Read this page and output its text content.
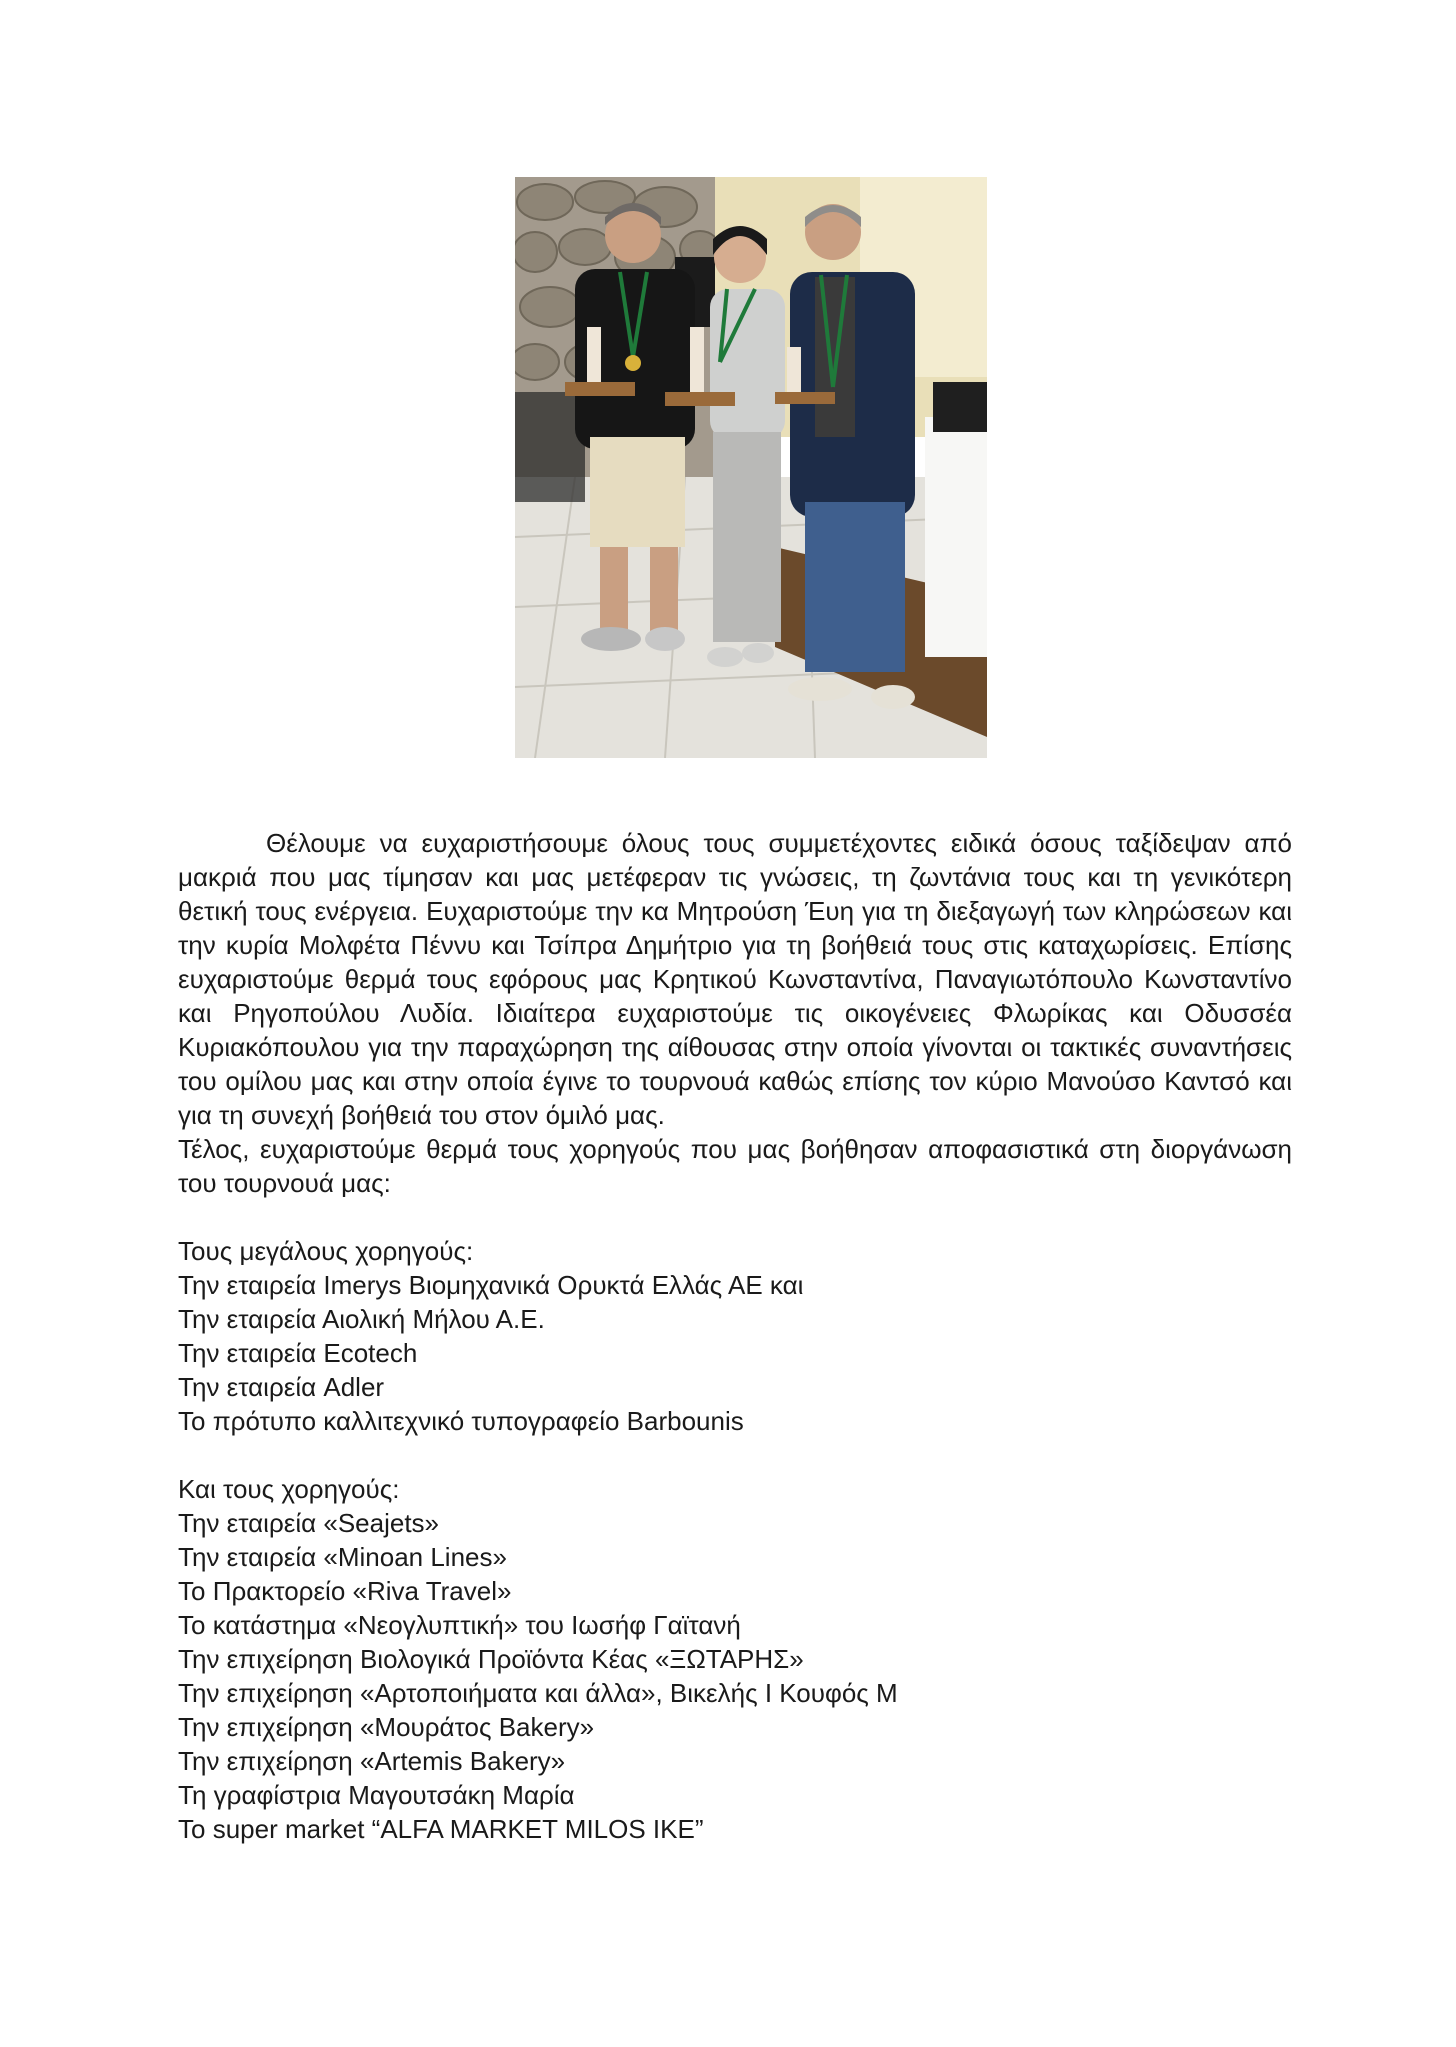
Θέλουμε να ευχαριστήσουμε όλους τους συμμετέχοντες ειδικά όσους ταξίδεψαν από μακριά που μας τίμησαν και μας μετέφεραν τις γνώσεις, τη ζωντάνια τους και τη γενικότερη θετική τους ενέργεια. Ευχαριστούμε την κα Μητρούση Έυη για τη διεξαγωγή των κληρώσεων και την κυρία Μολφέτα Πέννυ και Τσίπρα Δημήτριο για τη βοήθειά τους στις καταχωρίσεις. Επίσης ευχαριστούμε θερμά τους εφόρους μας Κρητικού Κωνσταντίνα, Παναγιωτόπουλο Κωνσταντίνο και Ρηγοπούλου Λυδία. Ιδιαίτερα ευχαριστούμε τις οικογένειες Φλωρίκας και Οδυσσέα Κυριακόπουλου για την παραχώρηση της αίθουσας στην οποία γίνονται οι τακτικές συναντήσεις του ομίλου μας και στην οποία έγινε το τουρνουά καθώς επίσης τον κύριο Μανούσο Καντσό και για τη συνεχή βοήθειά του στον όμιλό μας.

Τέλος, ευχαριστούμε θερμά τους χορηγούς που μας βοήθησαν αποφασιστικά στη διοργάνωση του τουρνουά μας:

Τους μεγάλους χορηγούς:

Την εταιρεία Imerys Βιομηχανικά Ορυκτά Ελλάς ΑΕ και

Την εταιρεία Αιολική Μήλου Α.Ε.

Την εταιρεία Ecotech

Την εταιρεία Adler

Το πρότυπο καλλιτεχνικό τυπογραφείο Barbounis

Και τους χορηγούς:

Την εταιρεία «Seajets»

Την εταιρεία «Minoan Lines»

Το Πρακτορείο «Riva Travel»

Το κατάστημα «Νεογλυπτική» του Ιωσήφ Γαϊτανή

Την επιχείρηση Βιολογικά Προϊόντα Κέας «ΞΩΤΑΡΗΣ»

Την επιχείρηση «Αρτοποιήματα και άλλα», Βικελής Ι Κουφός Μ

Την επιχείρηση «Μουράτος Bakery»

Την επιχείρηση «Artemis Bakery»

Τη γραφίστρια Μαγουτσάκη Μαρία

Το super market “ALFA MARKET MILOS IKE”
